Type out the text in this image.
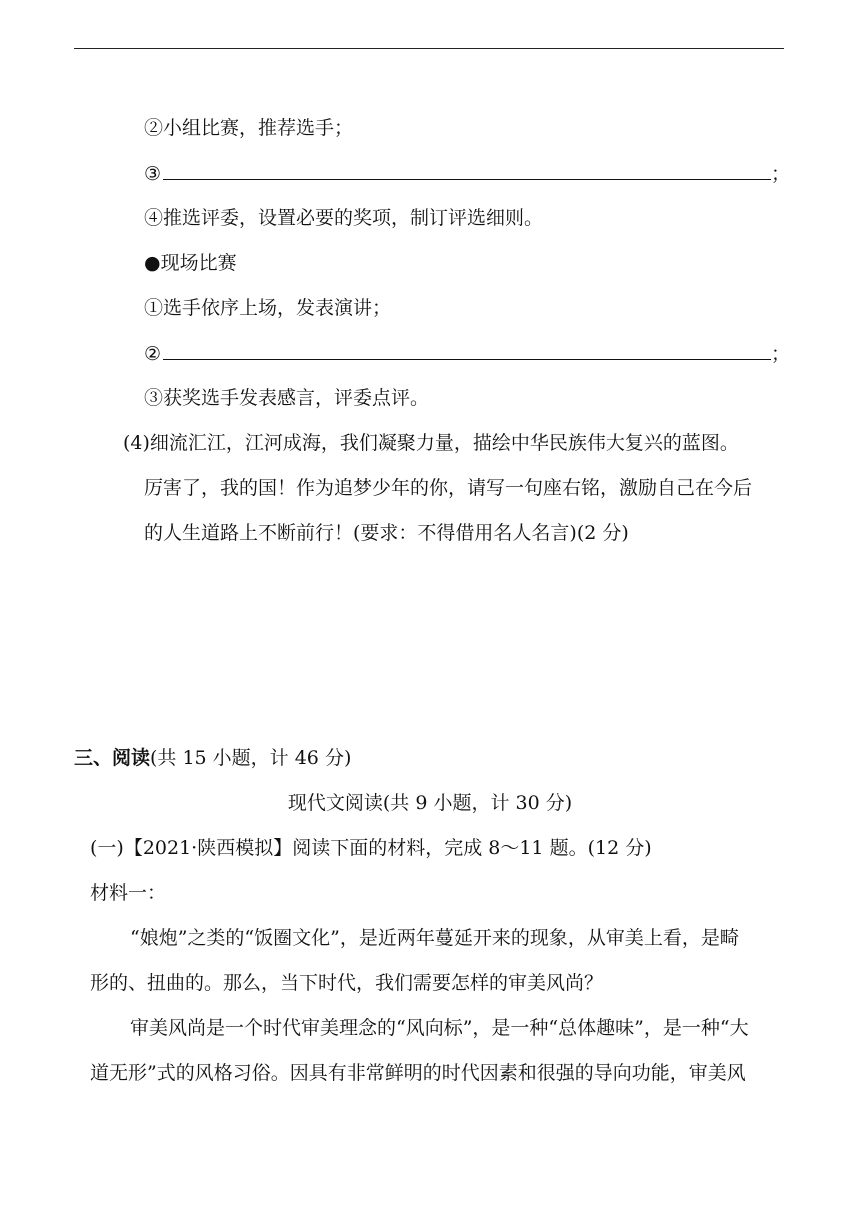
②小组比赛，推荐选手；
③	；
④推选评委，设置必要的奖项，制订评选细则。
●现场比赛
①选手依序上场，发表演讲；
②	；
③获奖选手发表感言，评委点评。
(4)细流汇江，江河成海，我们凝聚力量，描绘中华民族伟大复兴的蓝图。
厉害了，我的国！作为追梦少年的你，请写一句座右铭，激励自己在今后
的人生道路上不断前行！(要求：不得借用名人名言)(2 分)
三、阅读(共 15 小题，计 46 分)
现代文阅读(共 9 小题，计 30 分)
(一)【2021·陕西模拟】阅读下面的材料，完成 8～11 题。(12 分)
材料一：
“娘炮”之类的“饭圈文化”，是近两年蔓延开来的现象，从审美上看，是畸
形的、扭曲的。那么，当下时代，我们需要怎样的审美风尚？
审美风尚是一个时代审美理念的“风向标”，是一种“总体趣味”，是一种“大
道无形”式的风格习俗。因具有非常鲜明的时代因素和很强的导向功能，审美风
